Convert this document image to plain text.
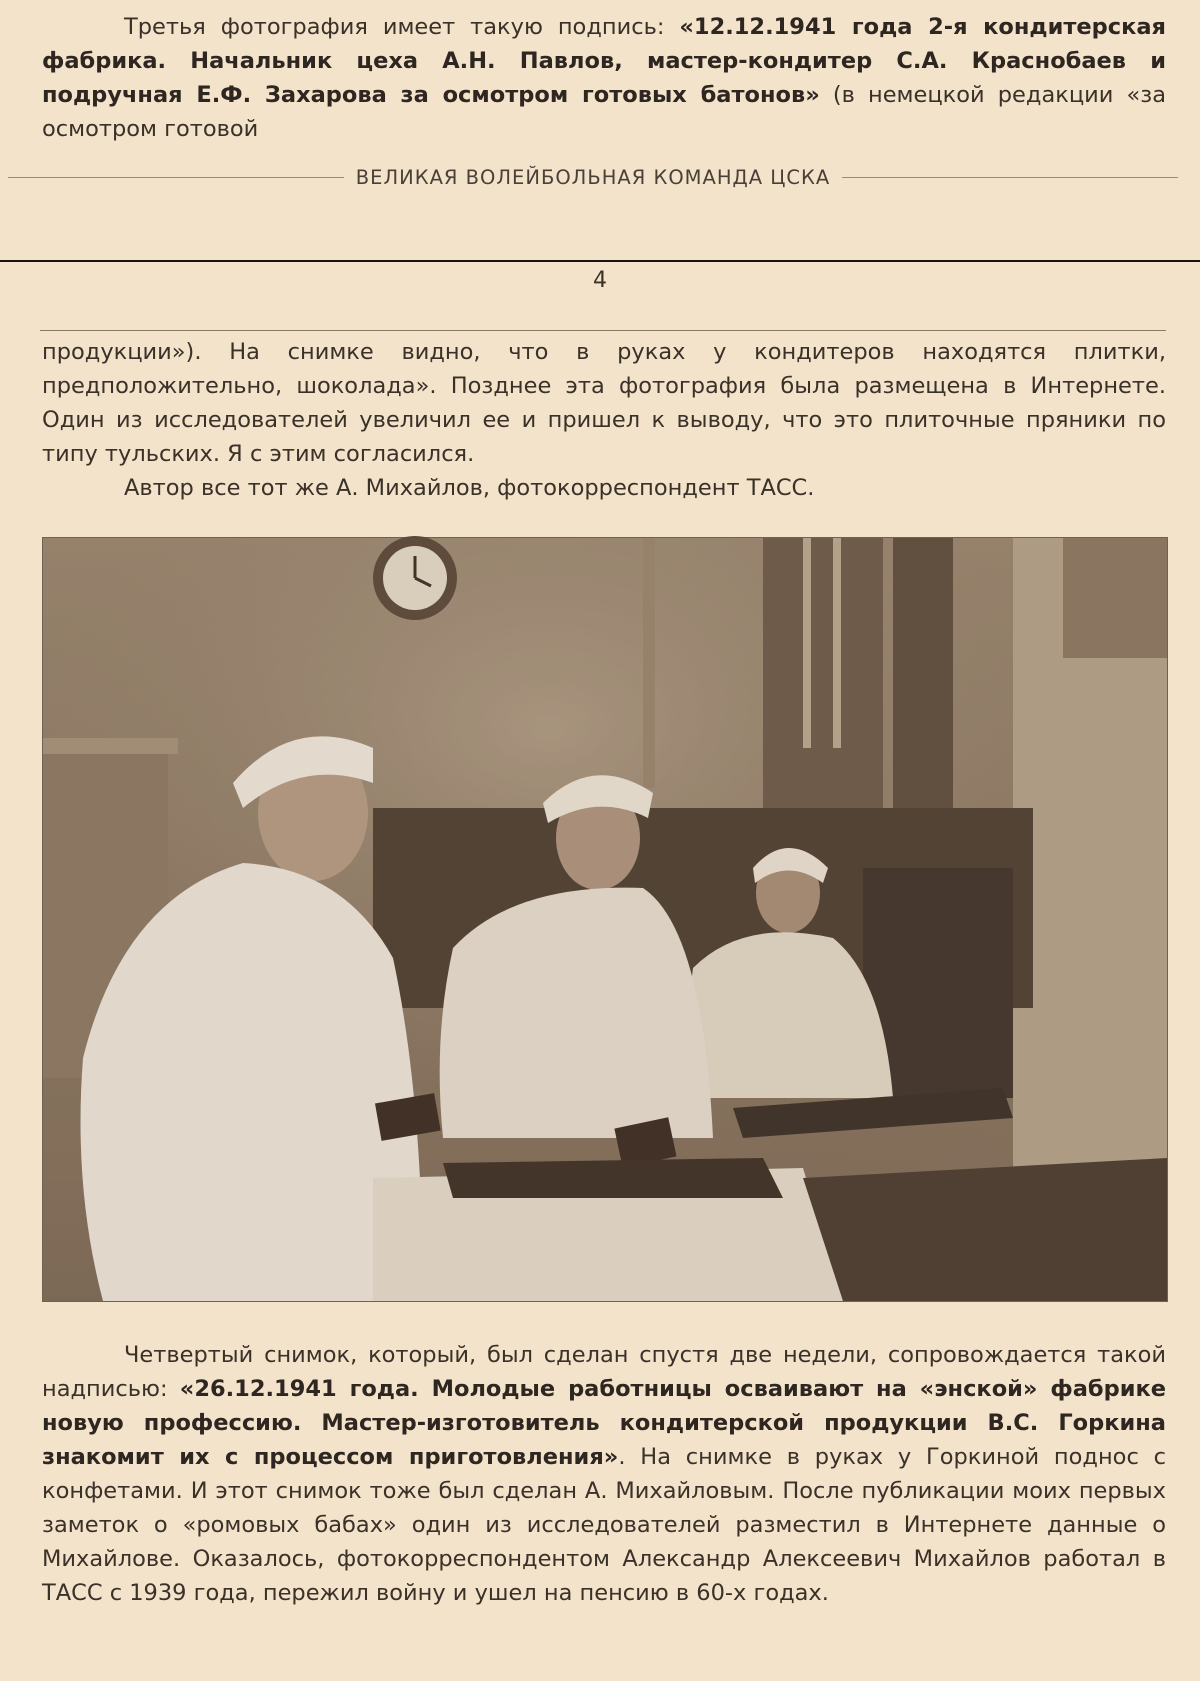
Третья фотография имеет такую подпись: «12.12.1941 года 2-я кондитерская фабрика. Начальник цеха А.Н. Павлов, мастер-кондитер С.А. Краснобаев и подручная Е.Ф. Захарова за осмотром готовых батонов» (в немецкой редакции «за осмотром готовой

ВЕЛИКАЯ ВОЛЕЙБОЛЬНАЯ КОМАНДА ЦСКА
4

продукции»). На снимке видно, что в руках у кондитеров находятся плитки, предположительно, шоколада». Позднее эта фотография была размещена в Интернете. Один из исследователей увеличил ее и пришел к выводу, что это плиточные пряники по типу тульских. Я с этим согласился.

Автор все тот же А. Михайлов, фотокорреспондент ТАСС.

Четвертый снимок, который, был сделан спустя две недели, сопровождается такой надписью: «26.12.1941 года. Молодые работницы осваивают на «энской» фабрике новую профессию. Мастер-изготовитель кондитерской продукции В.С. Горкина знакомит их с процессом приготовления». На снимке в руках у Горкиной поднос с конфетами. И этот снимок тоже был сделан А. Михайловым. После публикации моих первых заметок о «ромовых бабах» один из исследователей разместил в Интернете данные о Михайлове. Оказалось, фотокорреспондентом Александр Алексеевич Михайлов работал в ТАСС с 1939 года, пережил войну и ушел на пенсию в 60-х годах.
